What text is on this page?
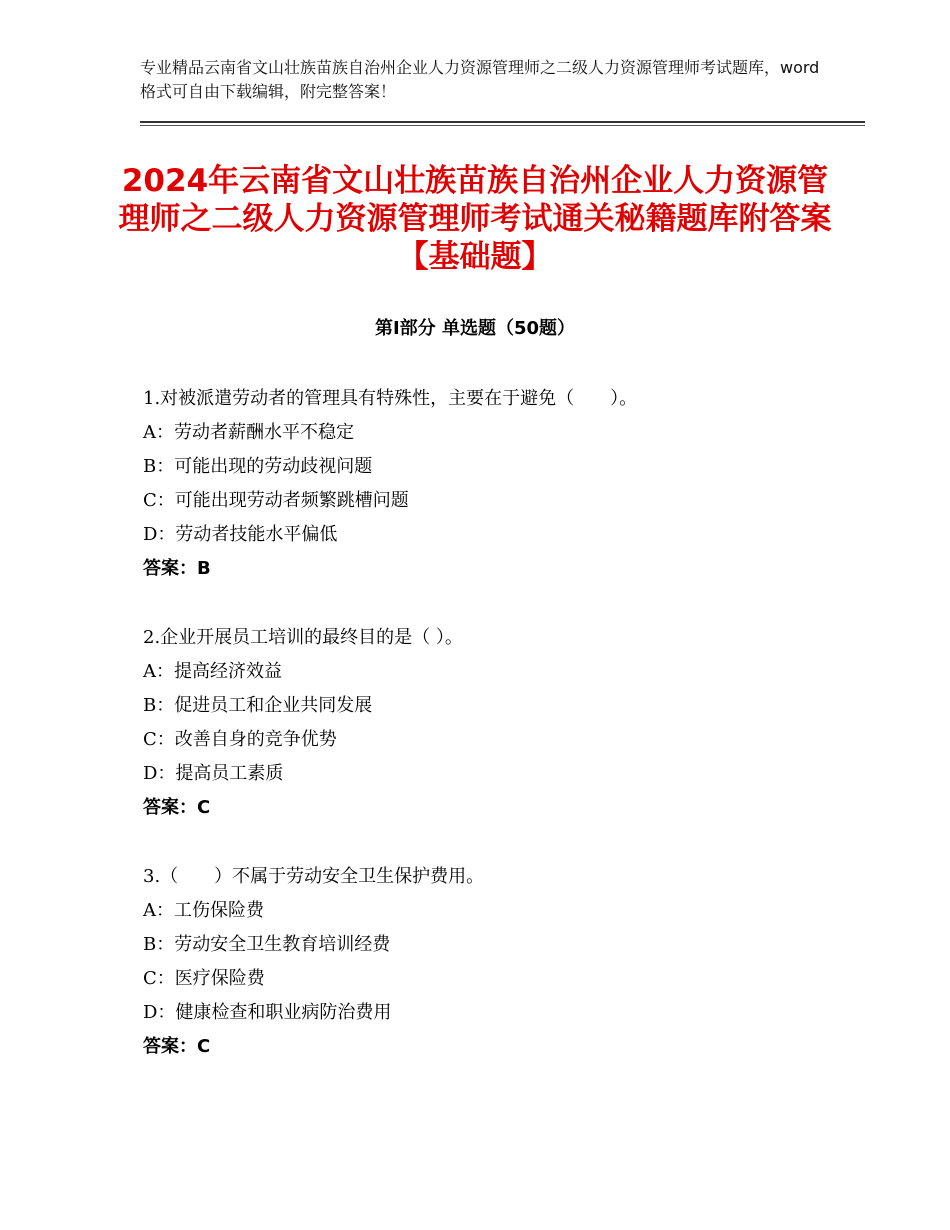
专业精品云南省文山壮族苗族自治州企业人力资源管理师之二级人力资源管理师考试题库，word格式可自由下载编辑，附完整答案！
2024年云南省文山壮族苗族自治州企业人力资源管理师之二级人力资源管理师考试通关秘籍题库附答案【基础题】
第Ⅰ部分 单选题（50题）
1.对被派遣劳动者的管理具有特殊性，主要在于避免（　　）。
A：劳动者薪酬水平不稳定
B：可能出现的劳动歧视问题
C：可能出现劳动者频繁跳槽问题
D：劳动者技能水平偏低
答案：B
2.企业开展员工培训的最终目的是（ ）。
A：提高经济效益
B：促进员工和企业共同发展
C：改善自身的竞争优势
D：提高员工素质
答案：C
3.（　　）不属于劳动安全卫生保护费用。
A：工伤保险费
B：劳动安全卫生教育培训经费
C：医疗保险费
D：健康检查和职业病防治费用
答案：C
